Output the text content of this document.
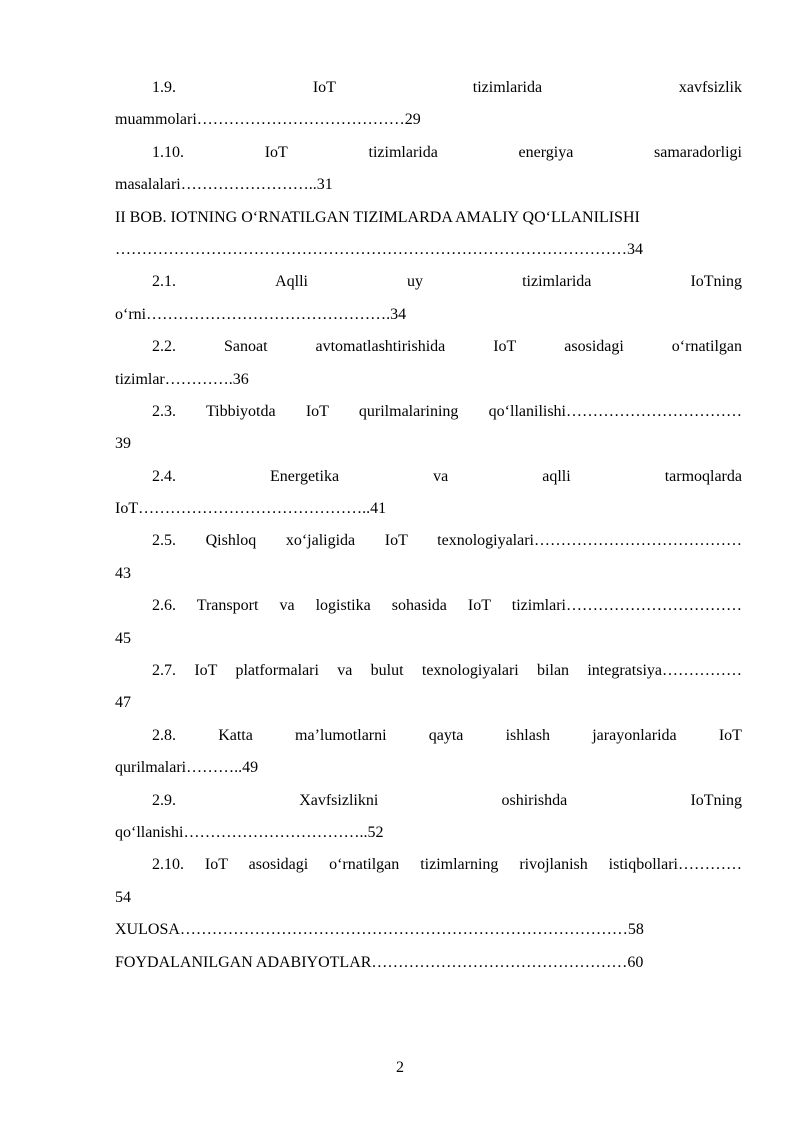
1.9.	IoT	tizimlarida	xavfsizlik
muammolari…………………………………29
1.10.	IoT	tizimlarida	energiya	samaradorligi
masalalari……………………..31
II BOB. IOTNING O‘RNATILGAN TIZIMLARDA AMALIY QO‘LLANILISHI
……………………………………………………………………………………34
2.1.	Aqlli	uy	tizimlarida	IoTning
o‘rni……………………………………….34
2.2.	Sanoat	avtomatlashtirishida	IoT	asosidagi	o‘rnatilgan
tizimlar………….36
2.3. Tibbiyotda IoT qurilmalarining qo‘llanilishi……………………………
39
2.4.	Energetika	va	aqlli	tarmoqlarda
IoT……………………………………..41
2.5. Qishloq xo‘jaligida IoT texnologiyalari…………………………………
43
2.6. Transport va logistika sohasida IoT tizimlari……………………………
45
2.7. IoT platformalari va bulut texnologiyalari bilan integratsiya……………
47
2.8.	Katta	ma’lumotlarni	qayta	ishlash	jarayonlarida	IoT
qurilmalari………..49
2.9.	Xavfsizlikni	oshirishda	IoTning
qo‘llanishi……………………………..52
2.10. IoT asosidagi o‘rnatilgan tizimlarning rivojlanish istiqbollari…………
54
XULOSA…………………………………………………………………………58
FOYDALANILGAN ADABIYOTLAR…………………………………………60
2
